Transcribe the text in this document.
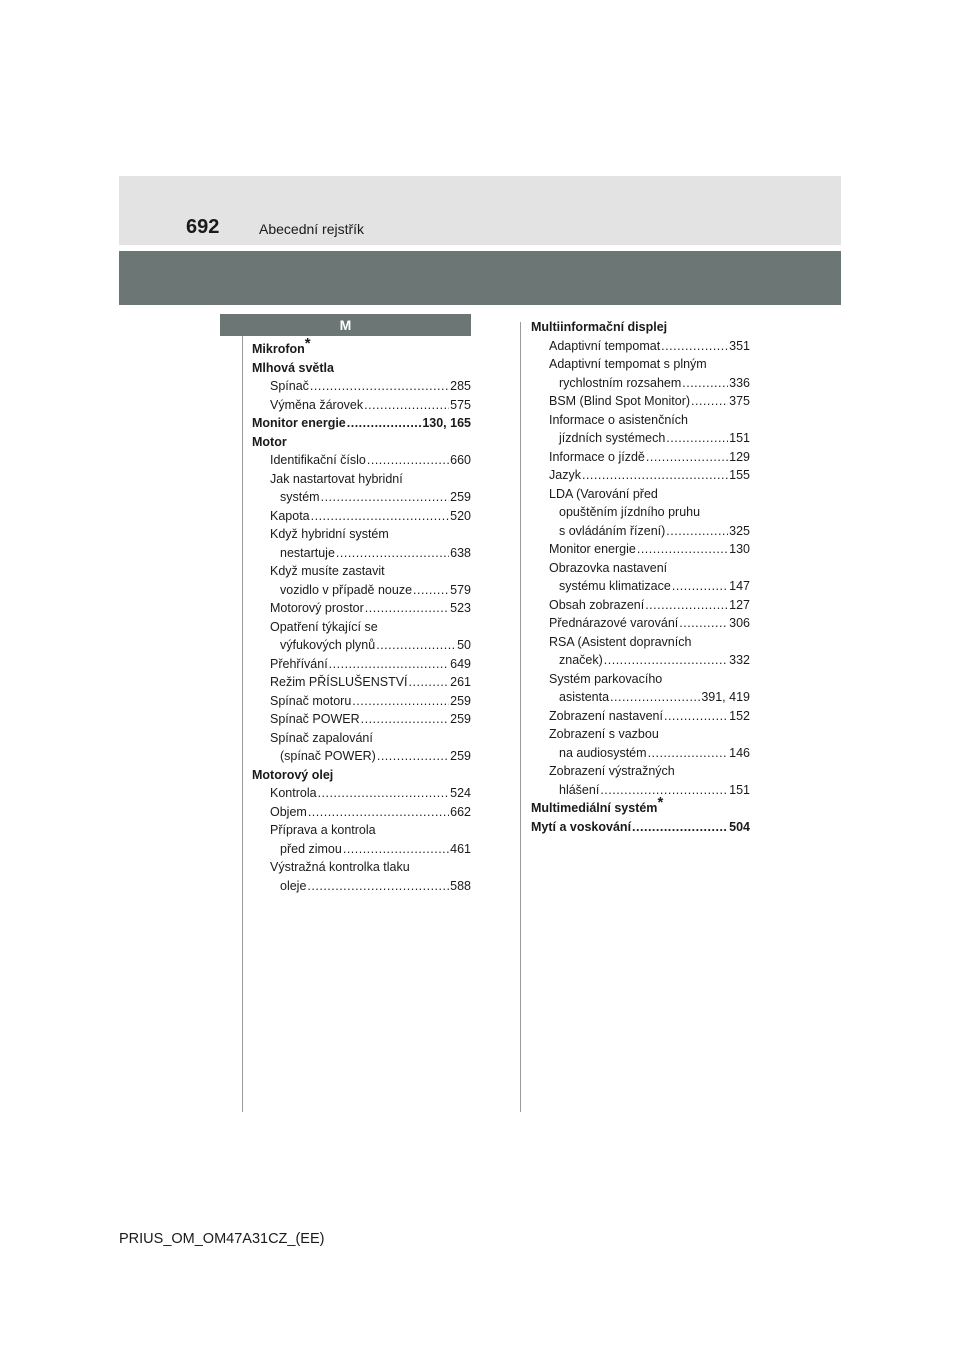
692	Abecední rejstřík
M
Mikrofon*
Mlhová světla
Spínač .....	285
Výměna žárovek .....	575
Monitor energie .....	130, 165
Motor
Identifikační číslo .....	660
Jak nastartovat hybridní
systém .....	259
Kapota .....	520
Když hybridní systém
nestartuje .....	638
Když musíte zastavit
vozidlo v případě nouze .....	579
Motorový prostor .....	523
Opatření týkající se
výfukových plynů .....	50
Přehřívání .....	649
Režim PŘÍSLUŠENSTVÍ .....	261
Spínač motoru .....	259
Spínač POWER .....	259
Spínač zapalování
(spínač POWER) .....	259
Motorový olej
Kontrola .....	524
Objem .....	662
Příprava a kontrola
před zimou .....	461
Výstražná kontrolka tlaku
oleje .....	588
Multiinformační displej
Adaptivní tempomat .....	351
Adaptivní tempomat s plným
rychlostním rozsahem .....	336
BSM (Blind Spot Monitor) .....	375
Informace o asistenčních
jízdních systémech .....	151
Informace o jízdě .....	129
Jazyk .....	155
LDA (Varování před
opuštěním jízdního pruhu
s ovládáním řízení) .....	325
Monitor energie .....	130
Obrazovka nastavení
systému klimatizace .....	147
Obsah zobrazení .....	127
Přednárazové varování .....	306
RSA (Asistent dopravních
značek) .....	332
Systém parkovacího
asistenta .....	391, 419
Zobrazení nastavení .....	152
Zobrazení s vazbou
na audiosystém .....	146
Zobrazení výstražných
hlášení .....	151
Multimediální systém*
Mytí a voskování .....	504
PRIUS_OM_OM47A31CZ_(EE)
